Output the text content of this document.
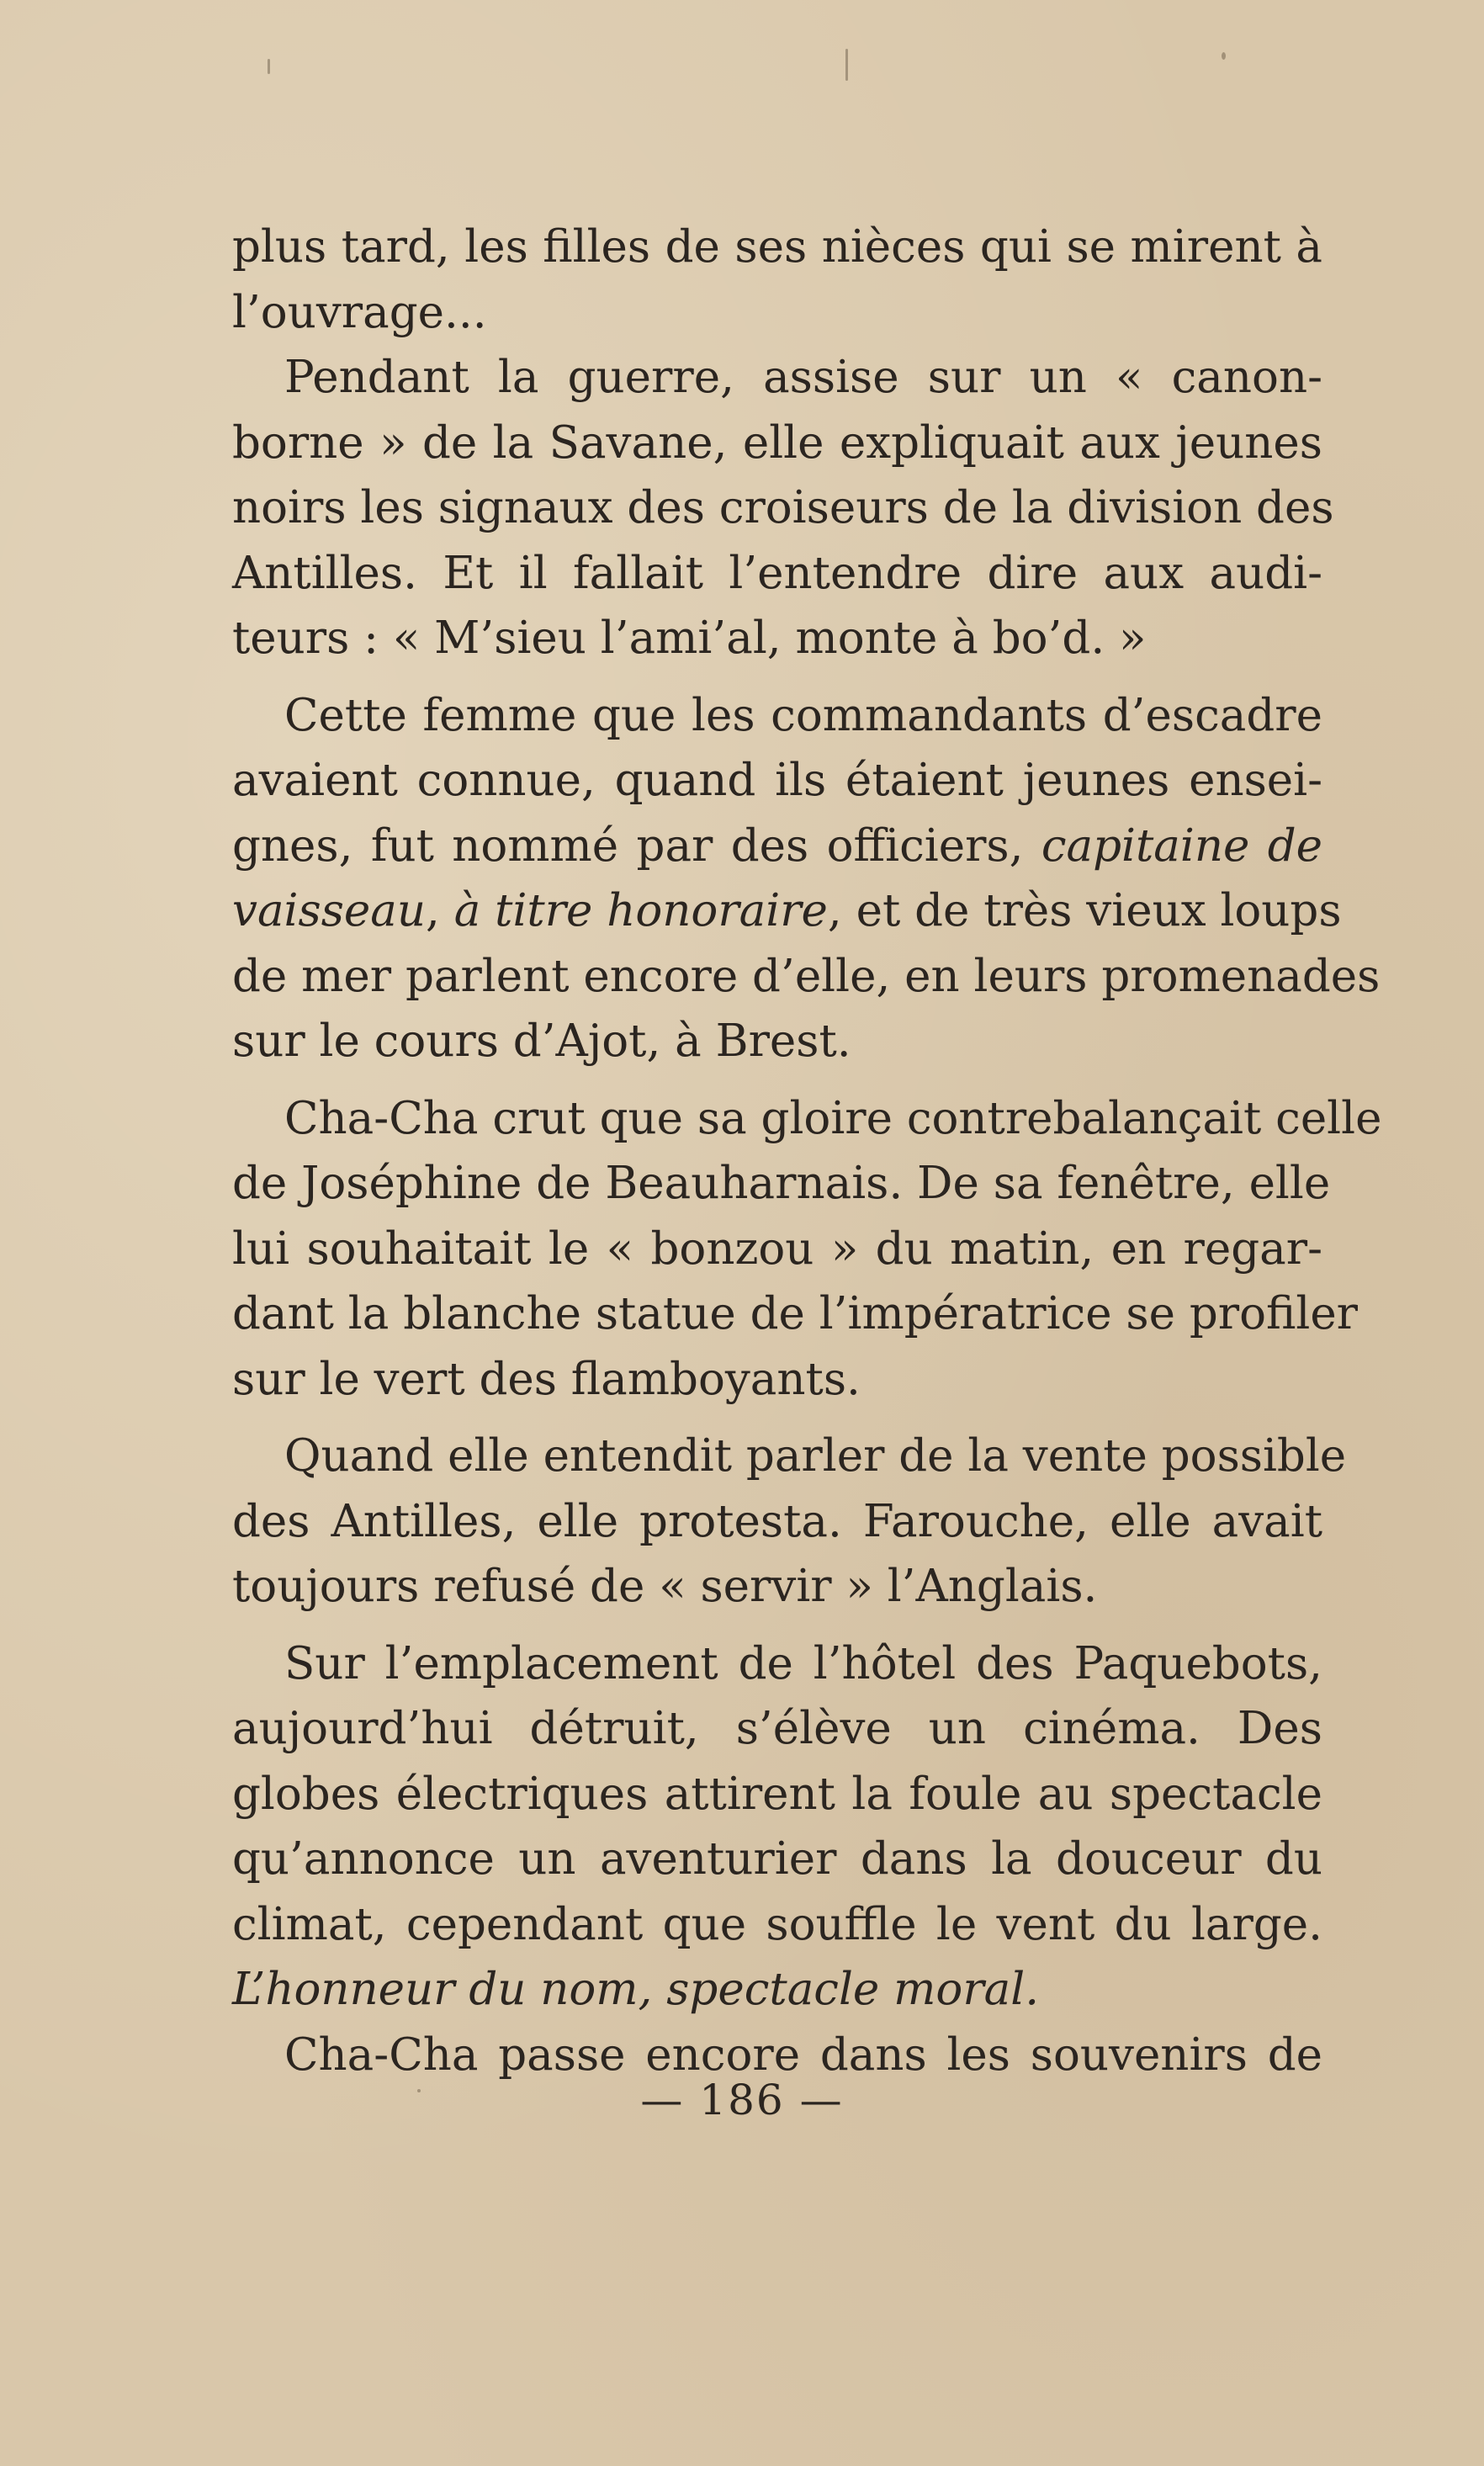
plus tard, les filles de ses nièces qui se mirent à
l’ouvrage...
Pendant la guerre, assise sur un « canon-
borne » de la Savane, elle expliquait aux jeunes
noirs les signaux des croiseurs de la division des
Antilles. Et il fallait l’entendre dire aux audi-
teurs : « M’sieu l’ami’al, monte à bo’d. »
Cette femme que les commandants d’escadre
avaient connue, quand ils étaient jeunes ensei-
gnes, fut nommé par des officiers, capitaine de
vaisseau, à titre honoraire, et de très vieux loups
de mer parlent encore d’elle, en leurs promenades
sur le cours d’Ajot, à Brest.
Cha-Cha crut que sa gloire contrebalançait celle
de Joséphine de Beauharnais. De sa fenêtre, elle
lui souhaitait le « bonzou » du matin, en regar-
dant la blanche statue de l’impératrice se profiler
sur le vert des flamboyants.
Quand elle entendit parler de la vente possible
des Antilles, elle protesta. Farouche, elle avait
toujours refusé de « servir » l’Anglais.
Sur l’emplacement de l’hôtel des Paquebots,
aujourd’hui détruit, s’élève un cinéma. Des
globes électriques attirent la foule au spectacle
qu’annonce un aventurier dans la douceur du
climat, cependant que souffle le vent du large.
L’honneur du nom, spectacle moral.
Cha-Cha passe encore dans les souvenirs de
— 186 —
